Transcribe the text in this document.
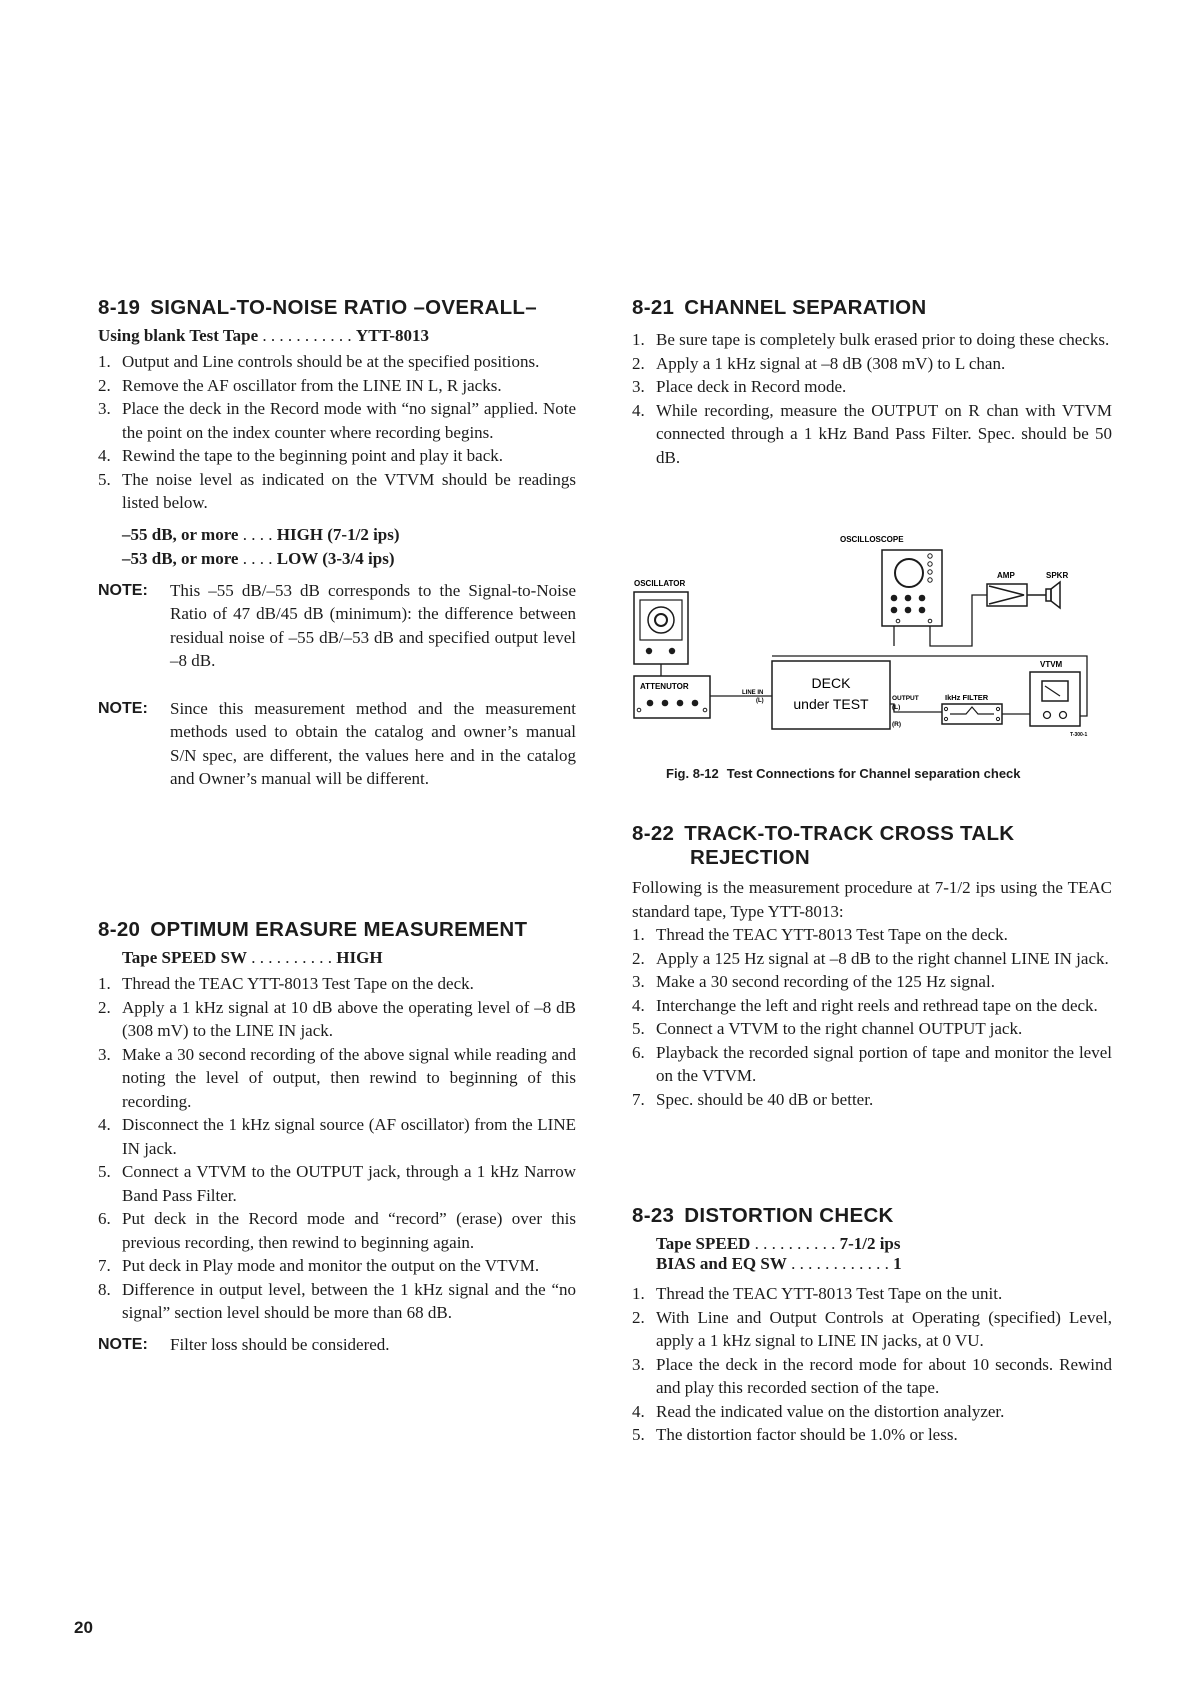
8-19 SIGNAL-TO-NOISE RATIO –OVERALL–
Using blank Test Tape . . . . . . . . . . . YTT-8013
1. Output and Line controls should be at the specified positions.
2. Remove the AF oscillator from the LINE IN L, R jacks.
3. Place the deck in the Record mode with “no signal” applied. Note the point on the index counter where recording begins.
4. Rewind the tape to the beginning point and play it back.
5. The noise level as indicated on the VTVM should be readings listed below.
–55 dB, or more . . . . HIGH (7-1/2 ips)
–53 dB, or more . . . . LOW (3-3/4 ips)
NOTE: This –55 dB/–53 dB corresponds to the Signal-to-Noise Ratio of 47 dB/45 dB (minimum): the difference between residual noise of –55 dB/–53 dB and specified output level –8 dB.
NOTE: Since this measurement method and the measurement methods used to obtain the catalog and owner’s manual S/N spec, are different, the values here and in the catalog and Owner’s manual will be different.
8-20 OPTIMUM ERASURE MEASUREMENT
Tape SPEED SW . . . . . . . . . . HIGH
1. Thread the TEAC YTT-8013 Test Tape on the deck.
2. Apply a 1 kHz signal at 10 dB above the operating level of –8 dB (308 mV) to the LINE IN jack.
3. Make a 30 second recording of the above signal while reading and noting the level of output, then rewind to beginning of this recording.
4. Disconnect the 1 kHz signal source (AF oscillator) from the LINE IN jack.
5. Connect a VTVM to the OUTPUT jack, through a 1 kHz Narrow Band Pass Filter.
6. Put deck in the Record mode and “record” (erase) over this previous recording, then rewind to beginning again.
7. Put deck in Play mode and monitor the output on the VTVM.
8. Difference in output level, between the 1 kHz signal and the “no signal” section level should be more than 68 dB.
NOTE: Filter loss should be considered.
8-21 CHANNEL SEPARATION
1. Be sure tape is completely bulk erased prior to doing these checks.
2. Apply a 1 kHz signal at –8 dB (308 mV) to L chan.
3. Place deck in Record mode.
4. While recording, measure the OUTPUT on R chan with VTVM connected through a 1 kHz Band Pass Filter. Spec. should be 50 dB.
OSCILLOSCOPE
AMP	SPKR
OSCILLATOR
ATTENUTOR	DECK
under TEST
LINE IN
(L)	OUTPUT
(L)
(R)
IkHz FILTER
VTVM
T-300-1
Fig. 8-12 Test Connections for Channel separation check
8-22 TRACK-TO-TRACK CROSS TALK
REJECTION

Following is the measurement procedure at 7-1/2 ips using the TEAC standard tape, Type YTT-8013:

1. Thread the TEAC YTT-8013 Test Tape on the deck.
2. Apply a 125 Hz signal at –8 dB to the right channel LINE IN jack.
3. Make a 30 second recording of the 125 Hz signal.
4. Interchange the left and right reels and rethread tape on the deck.
5. Connect a VTVM to the right channel OUTPUT jack.
6. Playback the recorded signal portion of tape and monitor the level on the VTVM.
7. Spec. should be 40 dB or better.
8-23 DISTORTION CHECK
Tape SPEED . . . . . . . . . . 7-1/2 ips
BIAS and EQ SW . . . . . . . . . . . . 1
1. Thread the TEAC YTT-8013 Test Tape on the unit.
2. With Line and Output Controls at Operating (specified) Level, apply a 1 kHz signal to LINE IN jacks, at 0 VU.
3. Place the deck in the record mode for about 10 seconds. Rewind and play this recorded section of the tape.
4. Read the indicated value on the distortion analyzer.
5. The distortion factor should be 1.0% or less.
20
